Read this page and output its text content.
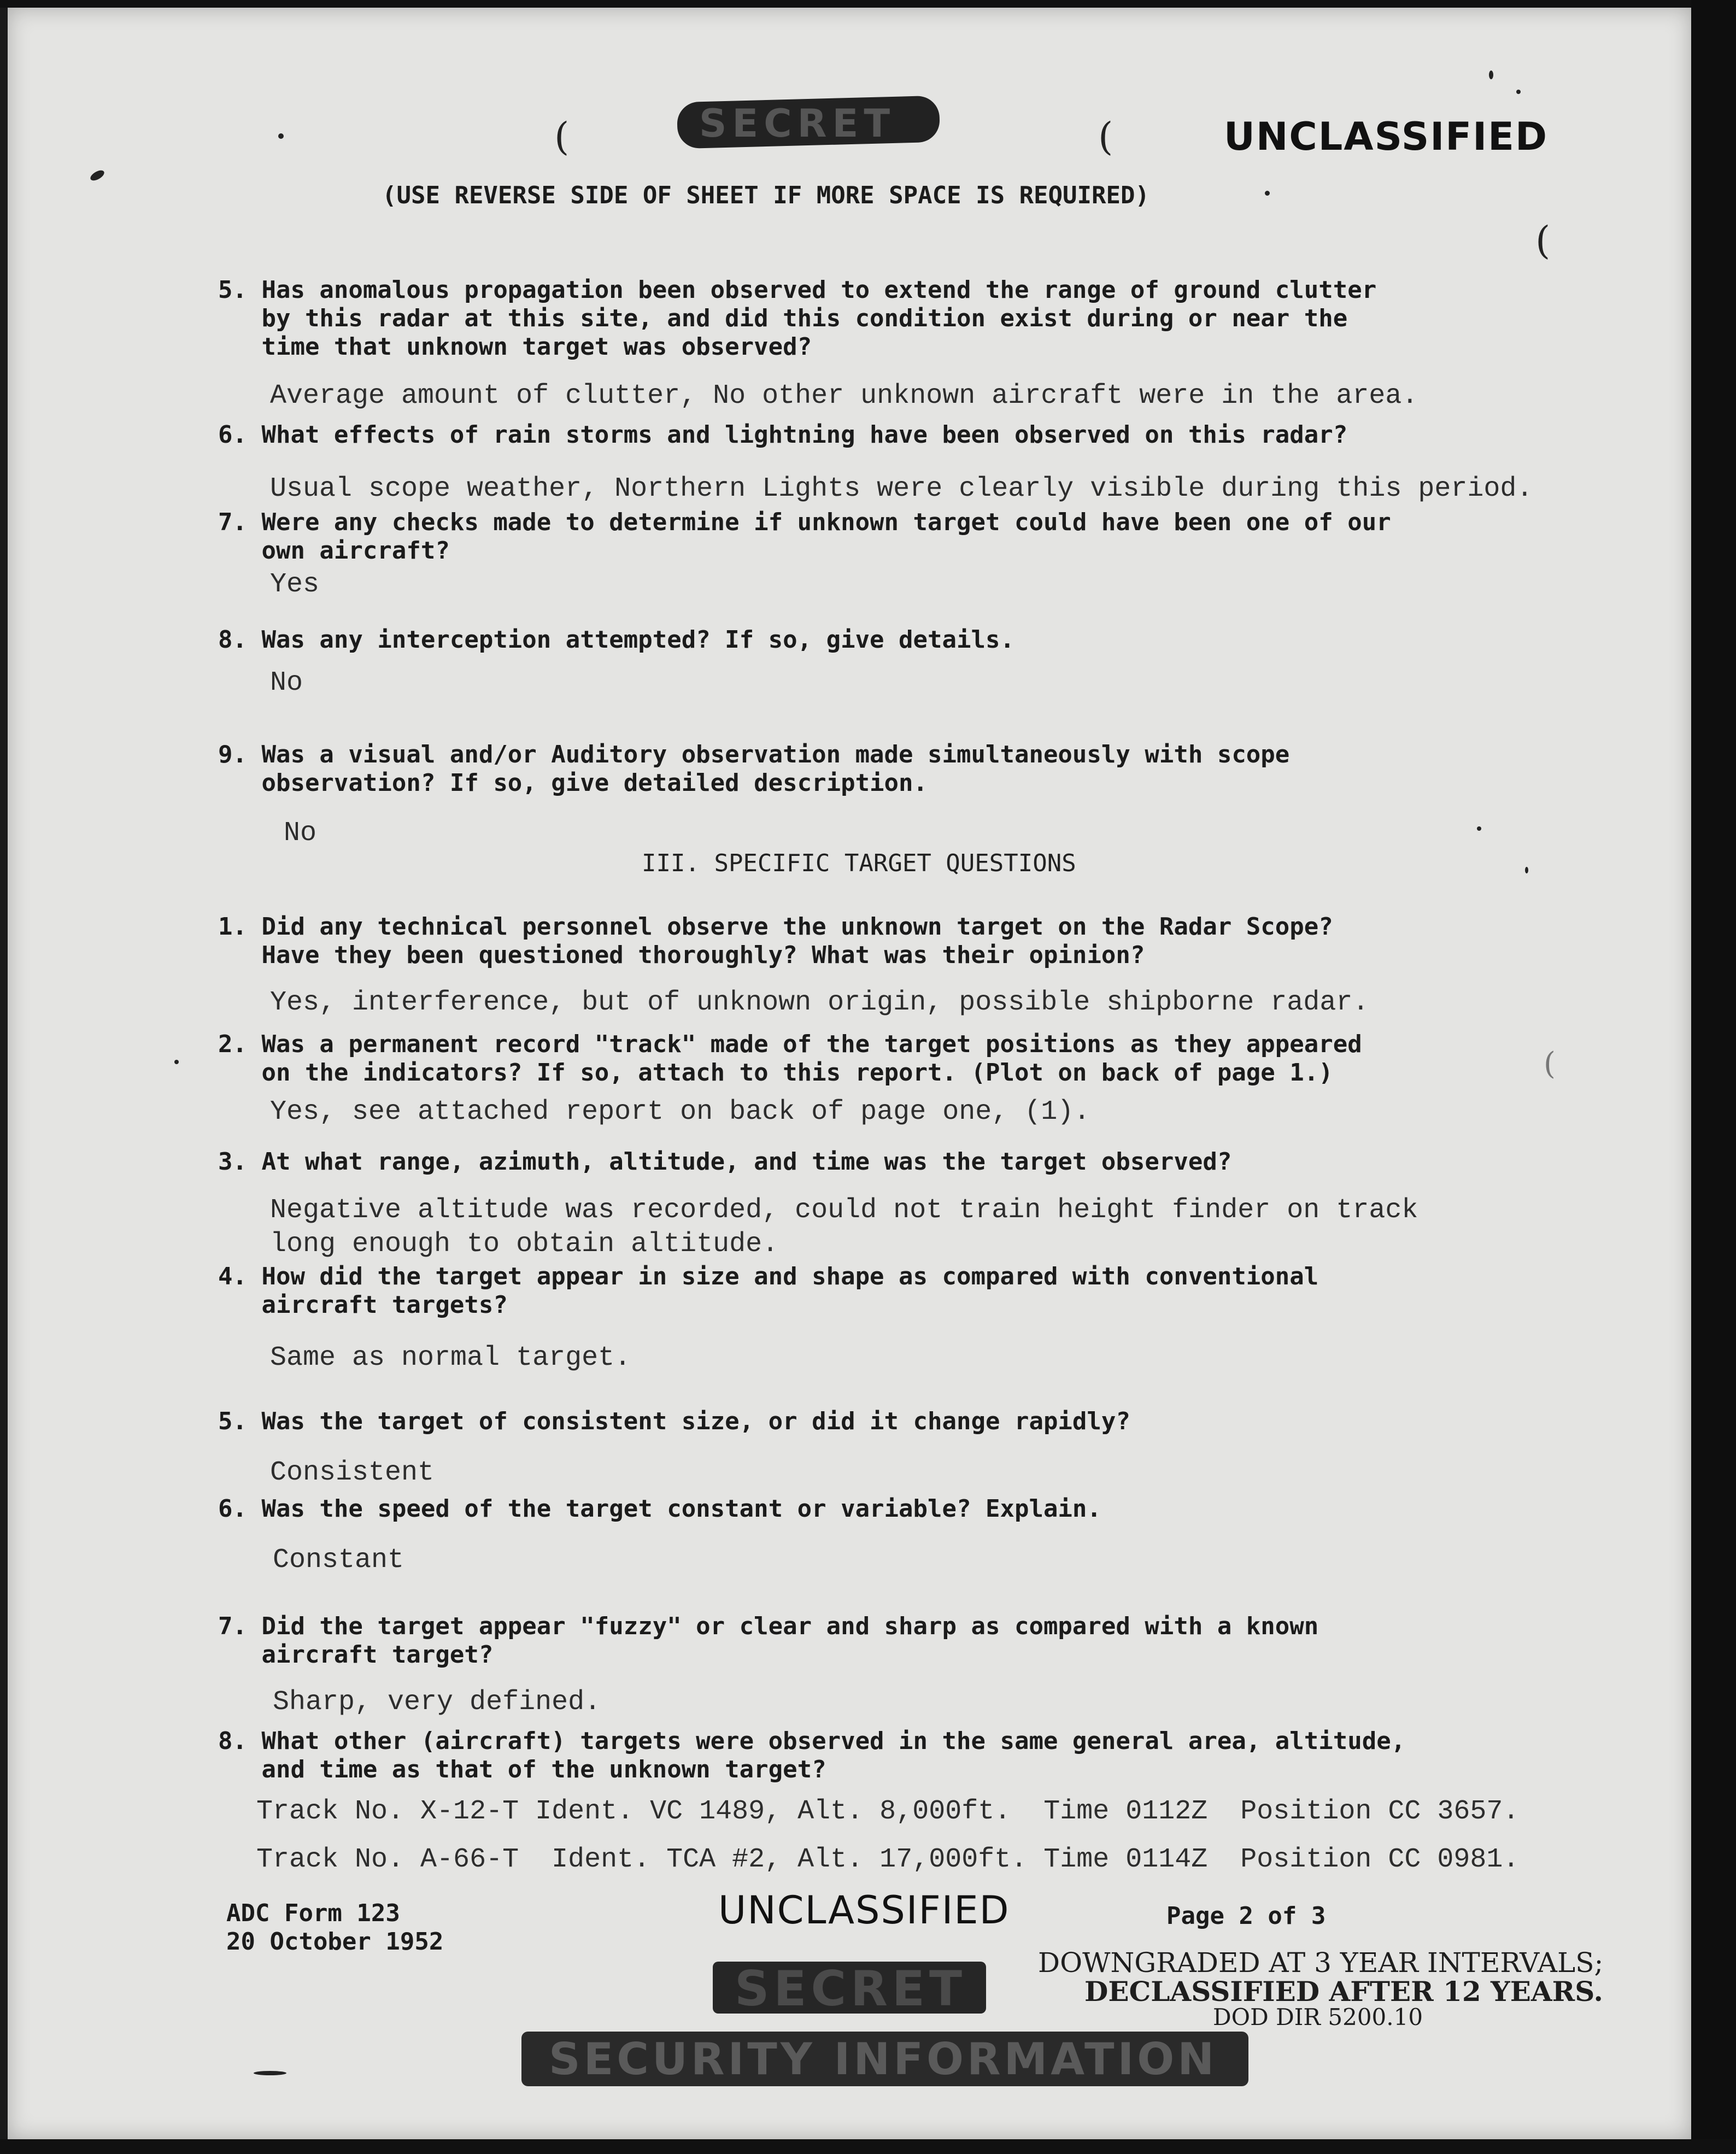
(	(
(
(
SECRET	UNCLASSIFIED
(USE REVERSE SIDE OF SHEET IF MORE SPACE IS REQUIRED)
5. Has anomalous propagation been observed to extend the range of ground clutter
by this radar at this site, and did this condition exist during or near the
time that unknown target was observed?
Average amount of clutter, No other unknown aircraft were in the area.
6. What effects of rain storms and lightning have been observed on this radar?
Usual scope weather, Northern Lights were clearly visible during this period.
7. Were any checks made to determine if unknown target could have been one of our
own aircraft?
Yes
8. Was any interception attempted? If so, give details.
No
9. Was a visual and/or Auditory observation made simultaneously with scope
observation? If so, give detailed description.
No
III. SPECIFIC TARGET QUESTIONS
1. Did any technical personnel observe the unknown target on the Radar Scope?
Have they been questioned thoroughly? What was their opinion?
Yes, interference, but of unknown origin, possible shipborne radar.
2. Was a permanent record "track" made of the target positions as they appeared
on the indicators? If so, attach to this report. (Plot on back of page 1.)
Yes, see attached report on back of page one, (1).
3. At what range, azimuth, altitude, and time was the target observed?
Negative altitude was recorded, could not train height finder on track
long enough to obtain altitude.
4. How did the target appear in size and shape as compared with conventional
aircraft targets?
Same as normal target.
5. Was the target of consistent size, or did it change rapidly?
Consistent
6. Was the speed of the target constant or variable? Explain.
Constant
7. Did the target appear "fuzzy" or clear and sharp as compared with a known
aircraft target?
Sharp, very defined.
8. What other (aircraft) targets were observed in the same general area, altitude,
and time as that of the unknown target?
Track No. X-12-T Ident. VC 1489, Alt. 8,000ft.  Time 0112Z  Position CC 3657.
Track No. A-66-T  Ident. TCA #2, Alt. 17,000ft. Time 0114Z  Position CC 0981.
ADC Form 123
20 October 1952
UNCLASSIFIED	Page 2 of 3
DOWNGRADED AT 3 YEAR INTERVALS;
DECLASSIFIED AFTER 12 YEARS.
DOD DIR 5200.10
SECRET
SECURITY INFORMATION
